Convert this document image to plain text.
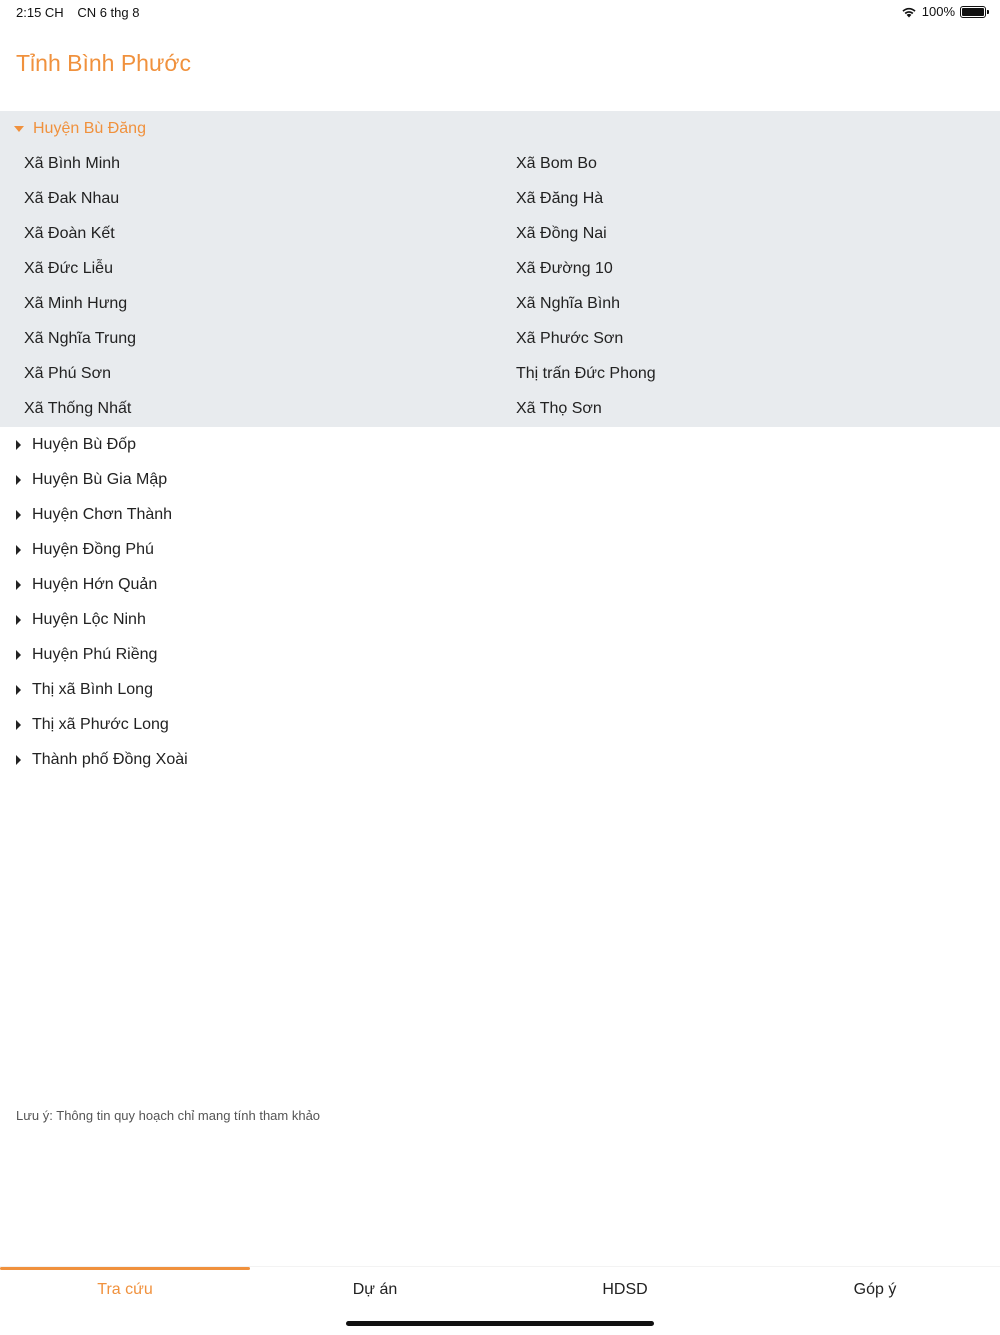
2:15 CH CN 6 thg 8	100%
Tỉnh Bình Phước
Huyện Bù Đăng
Xã Bình Minh	Xã Bom Bo
Xã Đak Nhau	Xã Đăng Hà
Xã Đoàn Kết	Xã Đồng Nai
Xã Đức Liễu	Xã Đường 10
Xã Minh Hưng	Xã Nghĩa Bình
Xã Nghĩa Trung	Xã Phước Sơn
Xã Phú Sơn	Thị trấn Đức Phong
Xã Thống Nhất	Xã Thọ Sơn
Huyện Bù Đốp
Huyện Bù Gia Mập
Huyện Chơn Thành
Huyện Đồng Phú
Huyện Hớn Quản
Huyện Lộc Ninh
Huyện Phú Riềng
Thị xã Bình Long
Thị xã Phước Long
Thành phố Đồng Xoài
Lưu ý: Thông tin quy hoạch chỉ mang tính tham khảo
Tra cứu	Dự án	HDSD	Góp ý
